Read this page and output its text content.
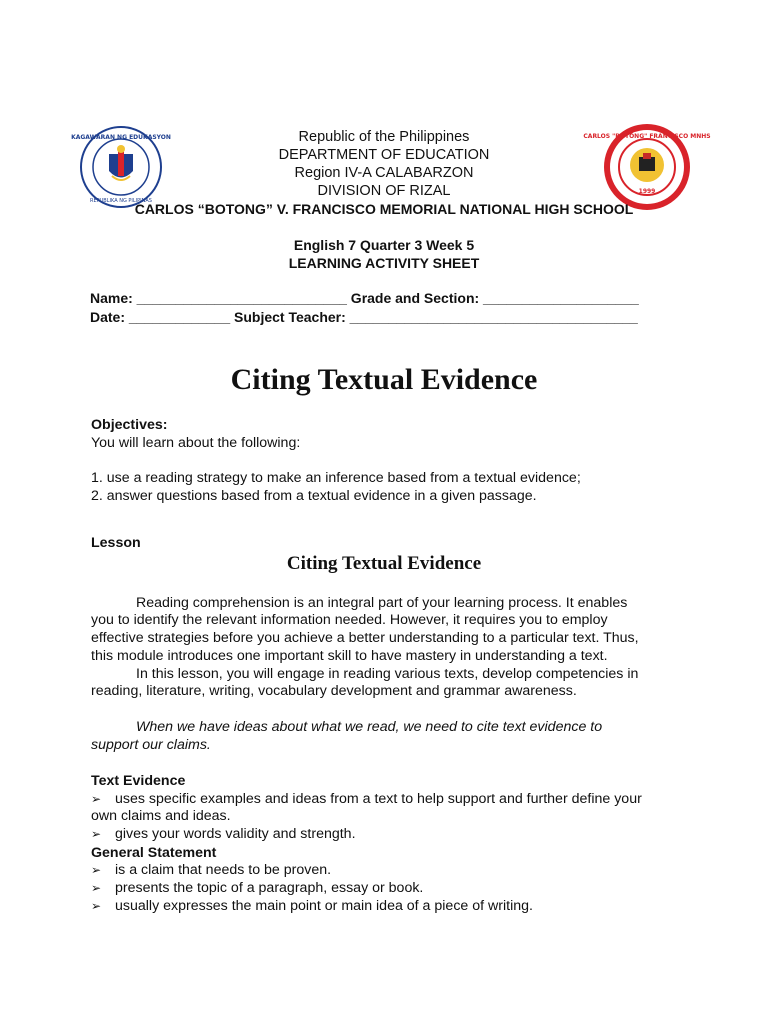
KAGAWARAN NG EDUKASYON
REPUBLIKA NG PILIPINAS
CARLOS "BOTONG" FRANCISCO MNHS
1999
Republic of the Philippines
DEPARTMENT OF EDUCATION
Region IV-A CALABARZON
DIVISION OF RIZAL
CARLOS “BOTONG” V. FRANCISCO MEMORIAL NATIONAL HIGH SCHOOL
English 7 Quarter 3 Week 5
LEARNING ACTIVITY SHEET
Name: ___________________________ Grade and Section: ____________________
Date: _____________ Subject Teacher: _____________________________________
Citing Textual Evidence
Objectives:
You will learn about the following:
1. use a reading strategy to make an inference based from a textual evidence;
2. answer questions based from a textual evidence in a given passage.
Lesson
Citing Textual Evidence
Reading comprehension is an integral part of your learning process. It enables
you to identify the relevant information needed. However, it requires you to employ
effective strategies before you achieve a better understanding to a particular text. Thus,
this module introduces one important skill to have mastery in understanding a text.
In this lesson, you will engage in reading various texts, develop competencies in
reading, literature, writing, vocabulary development and grammar awareness.
When we have ideas about what we read, we need to cite text evidence to
support our claims.
Text Evidence
➢ uses specific examples and ideas from a text to help support and further define your
own claims and ideas.
➢ gives your words validity and strength.
General Statement
➢ is a claim that needs to be proven.
➢ presents the topic of a paragraph, essay or book.
➢ usually expresses the main point or main idea of a piece of writing.
